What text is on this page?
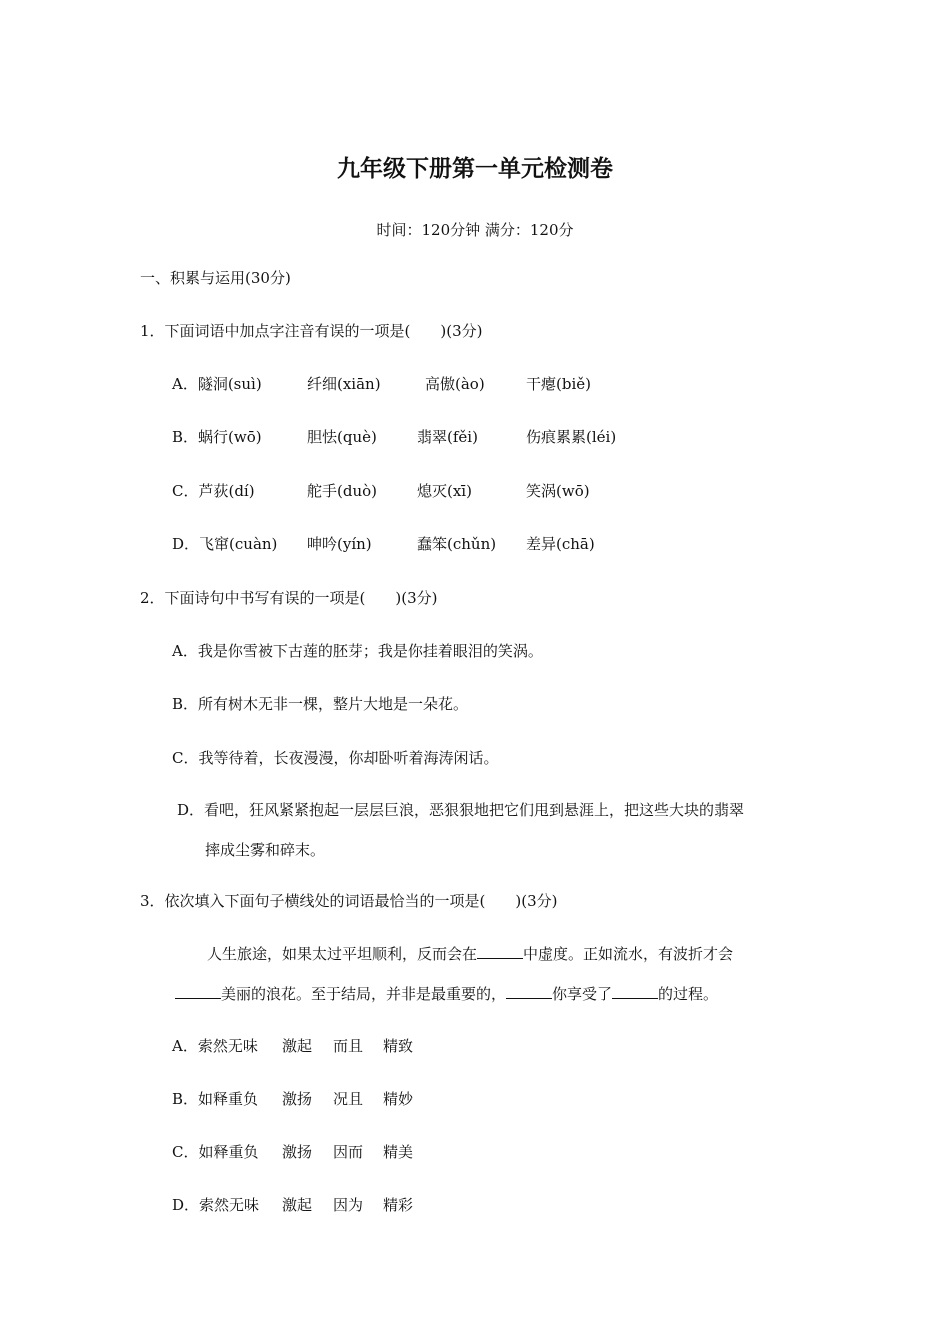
九年级下册第一单元检测卷
时间：120分钟 满分：120分
一、积累与运用(30分)
1．下面词语中加点字注音有误的一项是(　　)(3分)
A．隧洞(suì)	纤细(xiān)	高傲(ào)	干瘪(biě)
B．蜗行(wō)	胆怯(què)	翡翠(fěi)	伤痕累累(léi)
C．芦荻(dí)	舵手(duò)	熄灭(xī)	笑涡(wō)
D．飞窜(cuàn) 呻吟(yín)	蠢笨(chǔn) 差异(chā)
2．下面诗句中书写有误的一项是(　　)(3分)
A．我是你雪被下古莲的胚芽；我是你挂着眼泪的笑涡。
B．所有树木无非一棵，整片大地是一朵花。
C．我等待着，长夜漫漫，你却卧听着海涛闲话。
D．看吧，狂风紧紧抱起一层层巨浪，恶狠狠地把它们甩到悬涯上，把这些大块的翡翠
摔成尘雾和碎末。
3．依次填入下面句子横线处的词语最恰当的一项是(　　)(3分)
人生旅途，如果太过平坦顺利，反而会在	中虚度。正如流水，有波折才会
美丽的浪花。至于结局，并非是最重要的，	你享受了	的过程。
A．索然无味 激起 而且 精致
B．如释重负 激扬 况且 精妙
C．如释重负 激扬 因而 精美
D．索然无味 激起 因为 精彩
